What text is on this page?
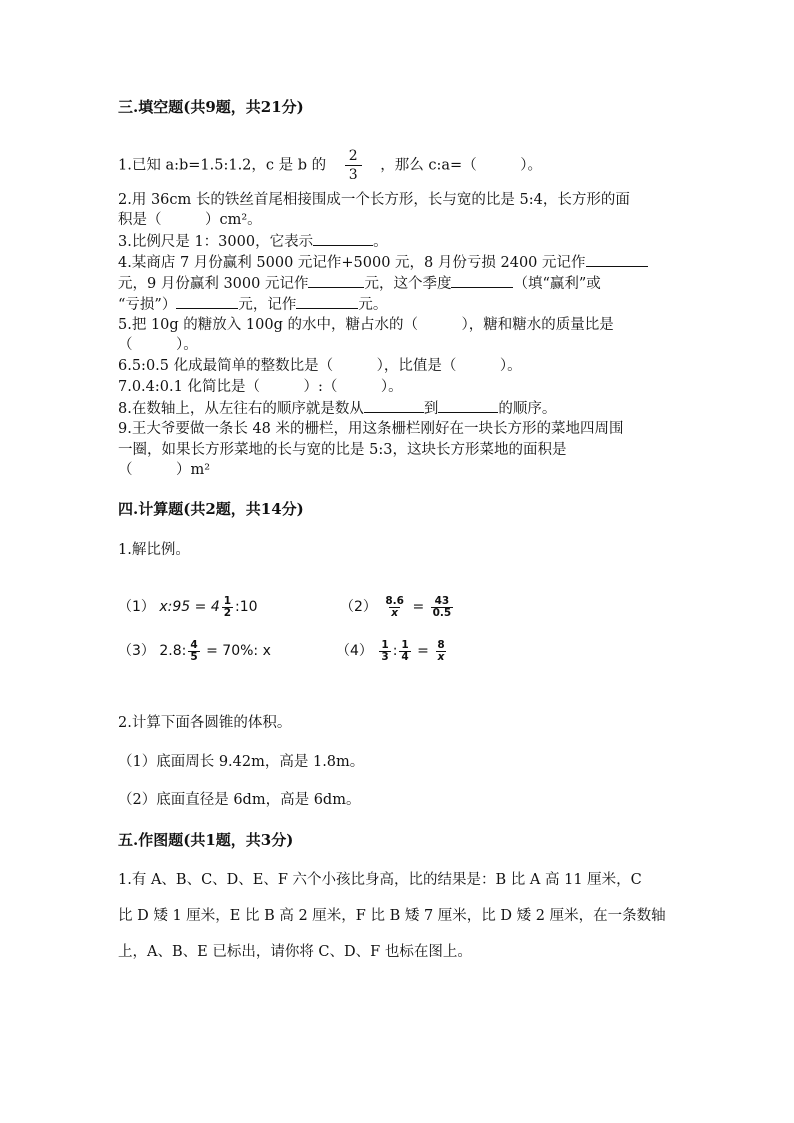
三.填空题(共9题，共21分)
1.已知 a:b=1.5:1.2，c 是 b 的 $\frac{2}{3}$ ，那么 c:a=（　　　）。
2.用 36cm 长的铁丝首尾相接围成一个长方形，长与宽的比是 5:4，长方形的面
积是（　　　）cm²。
3.比例尺是 1：3000，它表示	。
4.某商店 7 月份赢利 5000 元记作+5000 元，8 月份亏损 2400 元记作
元，9 月份赢利 3000 元记作	元，这个季度	（填“赢利”或
“亏损”）	元，记作	元。
5.把 10g 的糖放入 100g 的水中，糖占水的（　　　），糖和糖水的质量比是
（　　　）。
6.5:0.5 化成最简单的整数比是（　　　），比值是（　　　）。
7.0.4:0.1 化简比是（　　　）:（　　　）。
8.在数轴上，从左往右的顺序就是数从	到	的顺序。
9.王大爷要做一条长 48 米的栅栏，用这条栅栏刚好在一块长方形的菜地四周围
一圈，如果长方形菜地的长与宽的比是 5:3，这块长方形菜地的面积是
（　　　）m²
四.计算题(共2题，共14分)
1.解比例。
（1） x:95 = $4 \frac{1}{2}$ :10	$(2) \frac{8.6}{x} = \frac{43}{0.5}$
（3） 2.8: $\frac{4}{5} = 70\%$: x	$(4) \frac{1}{3}$ : $\frac{1}{4} = \frac{8}{x}$
2.计算下面各圆锥的体积。
（1）底面周长 9.42m，高是 1.8m。
（2）底面直径是 6dm，高是 6dm。
五.作图题(共1题，共3分)
1.有 A、B、C、D、E、F 六个小孩比身高，比的结果是：B 比 A 高 11 厘米，C
比 D 矮 1 厘米，E 比 B 高 2 厘米，F 比 B 矮 7 厘米，比 D 矮 2 厘米，在一条数轴
上，A、B、E 已标出，请你将 C、D、F 也标在图上。
